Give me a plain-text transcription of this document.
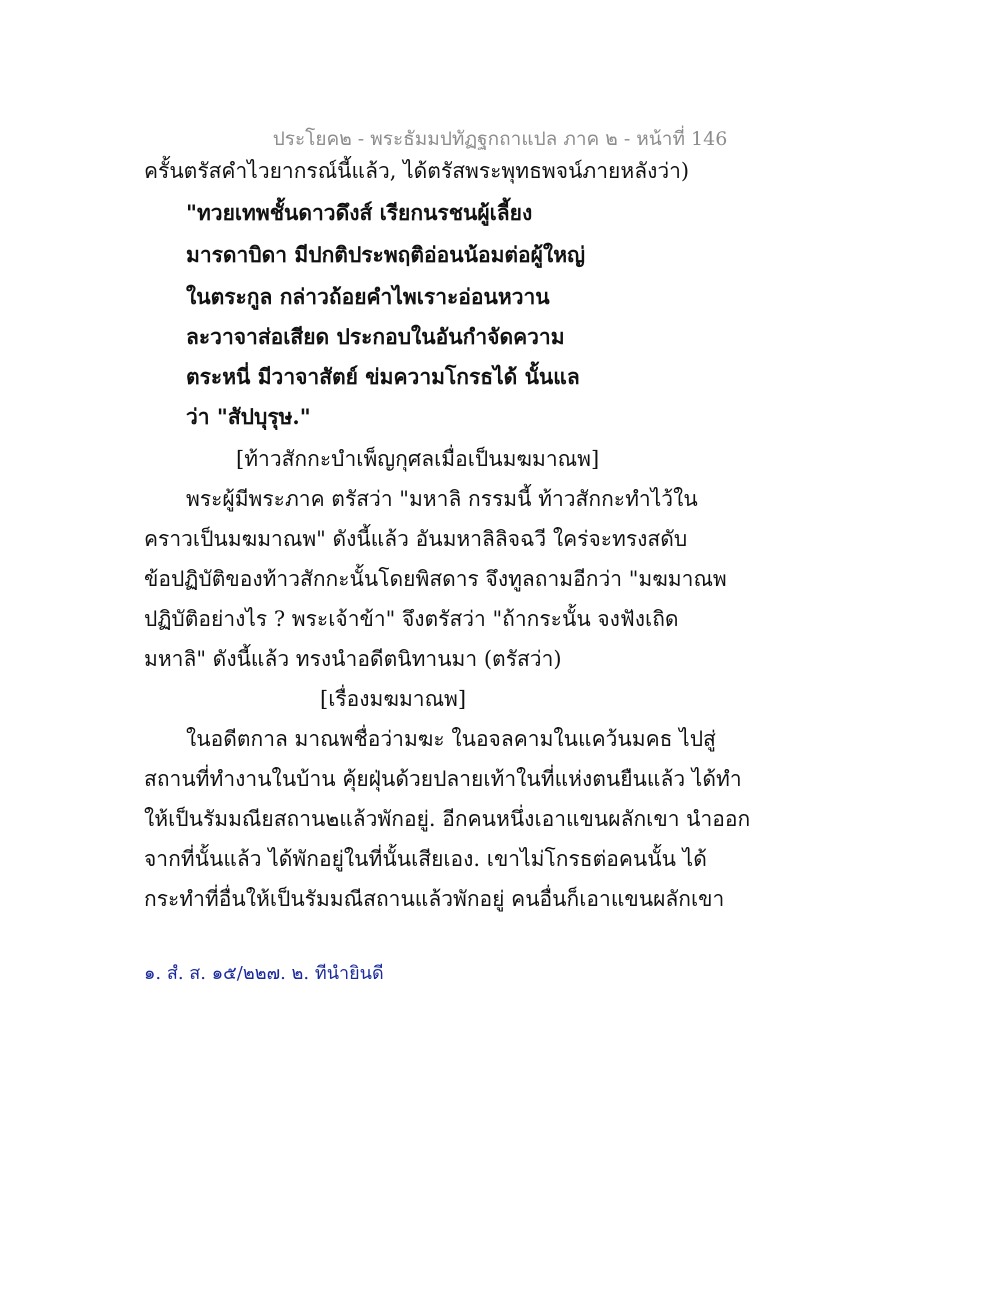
ประโยค๒ - พระธัมมปทัฏฐกถาแปล ภาค ๒ - หน้าที่ 146
ครั้นตรัสคำไวยากรณ์นี้แล้ว, ได้ตรัสพระพุทธพจน์ภายหลังว่า)
"ทวยเทพชั้นดาวดึงส์ เรียกนรชนผู้เลี้ยง
มารดาบิดา มีปกติประพฤติอ่อนน้อมต่อผู้ใหญ่
ในตระกูล กล่าวถ้อยคำไพเราะอ่อนหวาน
ละวาจาส่อเสียด ประกอบในอันกำจัดความ
ตระหนี่ มีวาจาสัตย์ ข่มความโกรธได้ นั้นแล
ว่า "สัปบุรุษ."
[ท้าวสักกะบำเพ็ญกุศลเมื่อเป็นมฆมาณพ]
พระผู้มีพระภาค ตรัสว่า "มหาลิ กรรมนี้ ท้าวสักกะทำไว้ใน
คราวเป็นมฆมาณพ" ดังนี้แล้ว อันมหาลิลิจฉวี ใคร่จะทรงสดับ
ข้อปฏิบัติของท้าวสักกะนั้นโดยพิสดาร จึงทูลถามอีกว่า "มฆมาณพ
ปฏิบัติอย่างไร ? พระเจ้าข้า" จึงตรัสว่า "ถ้ากระนั้น จงฟังเถิด
มหาลิ" ดังนี้แล้ว ทรงนำอดีตนิทานมา (ตรัสว่า)
[เรื่องมฆมาณพ]
ในอดีตกาล มาณพชื่อว่ามฆะ ในอจลคามในแคว้นมคธ ไปสู่
สถานที่ทำงานในบ้าน คุ้ยฝุ่นด้วยปลายเท้าในที่แห่งตนยืนแล้ว ได้ทำ
ให้เป็นรัมมณียสถาน๒แล้วพักอยู่. อีกคนหนึ่งเอาแขนผลักเขา นำออก
จากที่นั้นแล้ว ได้พักอยู่ในที่นั้นเสียเอง. เขาไม่โกรธต่อคนนั้น ได้
กระทำที่อื่นให้เป็นรัมมณีสถานแล้วพักอยู่ คนอื่นก็เอาแขนผลักเขา
๑. สํ. ส. ๑๕/๒๒๗. ๒. ทีนำยินดี
